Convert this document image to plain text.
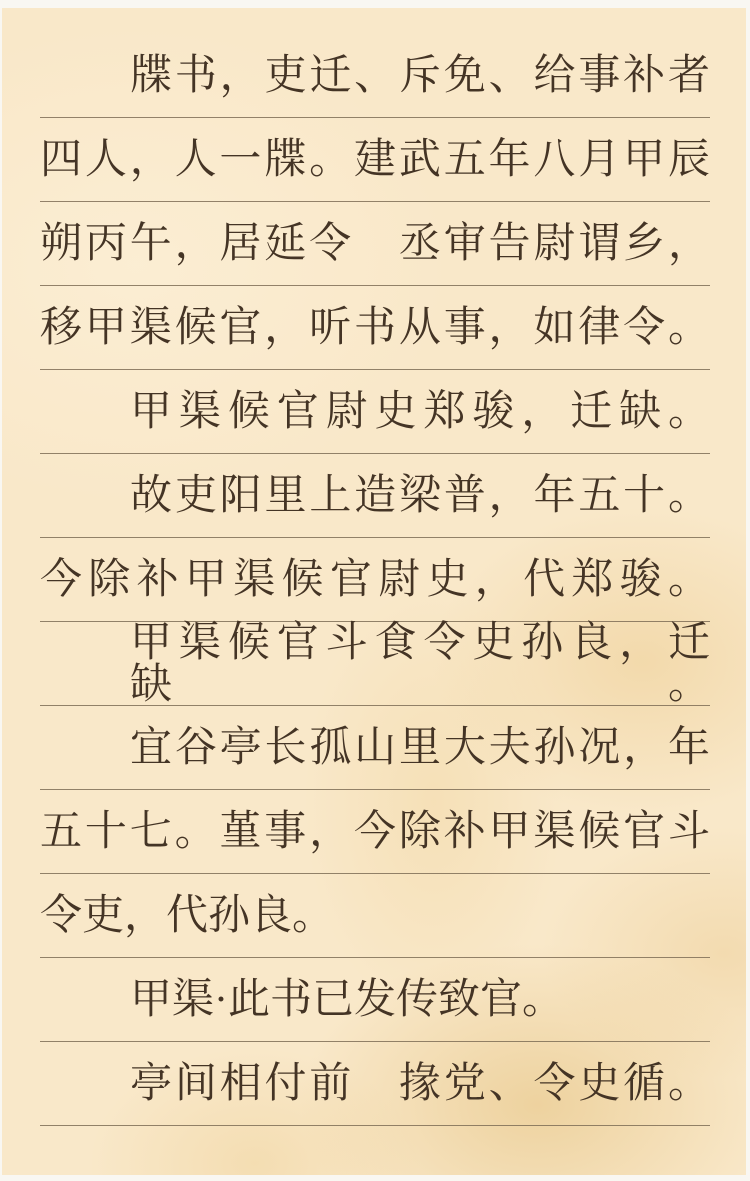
牒书，吏迁、斥免、给事补者
四人，人一牒。建武五年八月甲辰
朔丙午，居延令　丞审告尉谓乡，
移甲渠候官，听书从事，如律令。
甲渠候官尉史郑骏，迁缺。
故吏阳里上造梁普，年五十。
今除补甲渠候官尉史，代郑骏。
甲渠候官斗食令史孙良，迁缺。
宜谷亭长孤山里大夫孙况，年
五十七。堇事，今除补甲渠候官斗
令吏，代孙良。
甲渠·此书已发传致官。
亭间相付前　掾党、令史循。
